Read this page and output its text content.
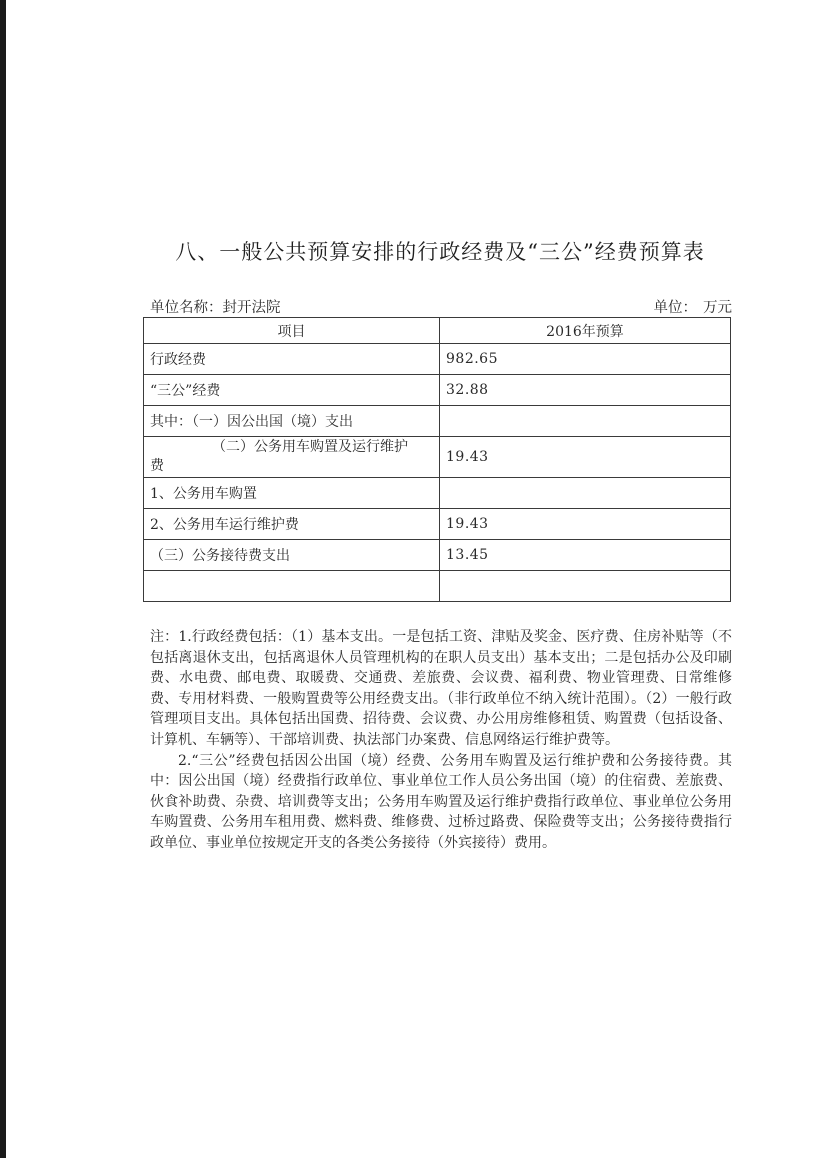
八、一般公共预算安排的行政经费及“三公”经费预算表
单位名称：封开法院	单位： 万元
项目	2016年预算
行政经费	982.65
“三公”经费	32.88
其中：（一）因公出国（境）支出	

（二）公务用车购置及运行维护
费	19.43
1、公务用车购置	
2、公务用车运行维护费	19.43
（三）公务接待费支出	13.45

注：1.行政经费包括：（1）基本支出。一是包括工资、津贴及奖金、医疗费、住房补贴等（不包括离退休支出，包括离退休人员管理机构的在职人员支出）基本支出；二是包括办公及印刷费、水电费、邮电费、取暖费、交通费、差旅费、会议费、福利费、物业管理费、日常维修费、专用材料费、一般购置费等公用经费支出。（非行政单位不纳入统计范围）。（2）一般行政管理项目支出。具体包括出国费、招待费、会议费、办公用房维修租赁、购置费（包括设备、计算机、车辆等）、干部培训费、执法部门办案费、信息网络运行维护费等。

2.“三公”经费包括因公出国（境）经费、公务用车购置及运行维护费和公务接待费。其中：因公出国（境）经费指行政单位、事业单位工作人员公务出国（境）的住宿费、差旅费、伙食补助费、杂费、培训费等支出；公务用车购置及运行维护费指行政单位、事业单位公务用车购置费、公务用车租用费、燃料费、维修费、过桥过路费、保险费等支出；公务接待费指行政单位、事业单位按规定开支的各类公务接待（外宾接待）费用。
